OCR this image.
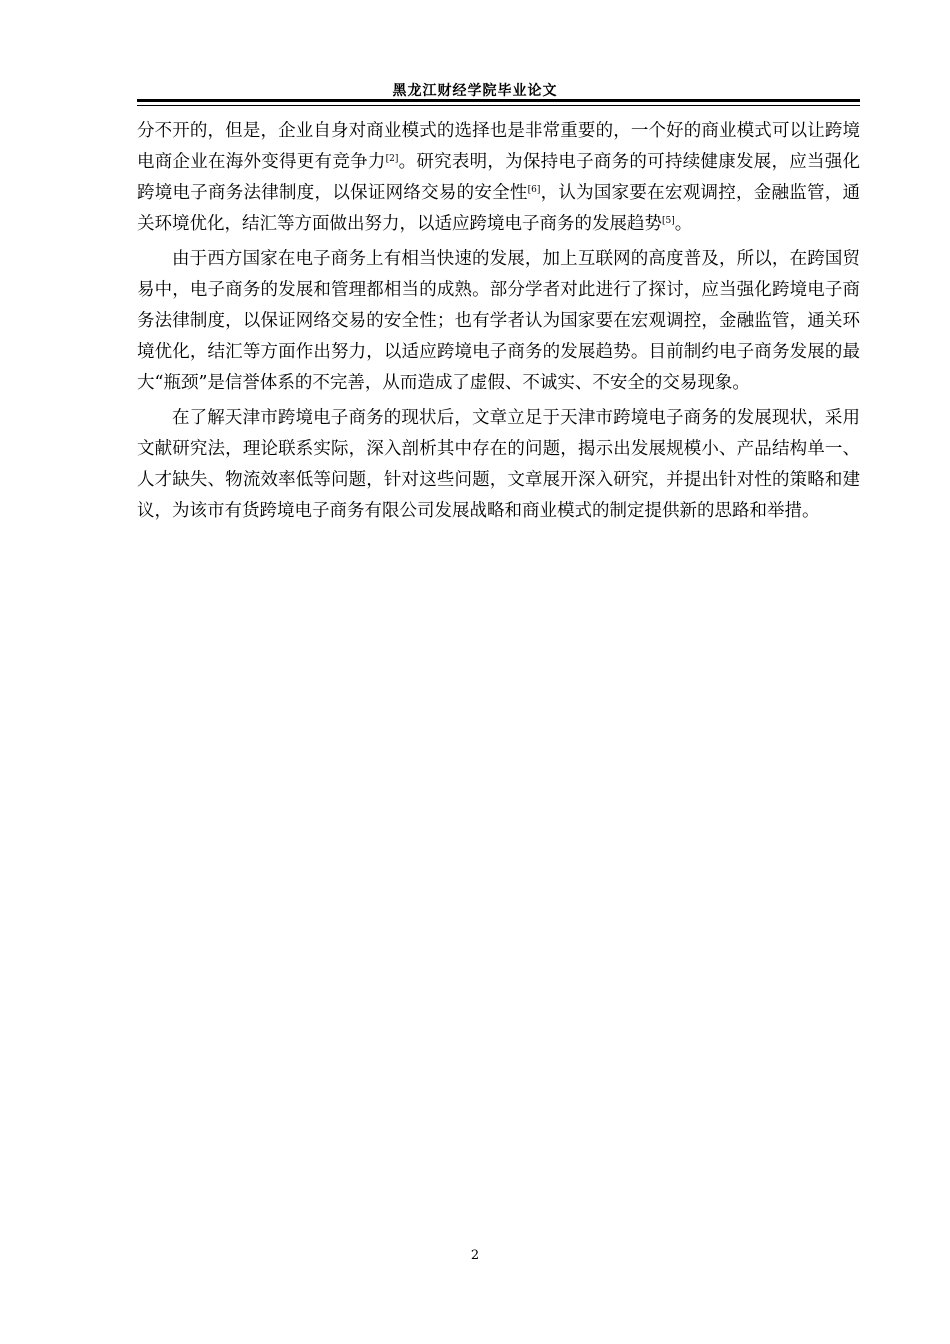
黑龙江财经学院毕业论文

分不开的，但是，企业自身对商业模式的选择也是非常重要的，一个好的商业模式可以让跨境电商企业在海外变得更有竞争力[2]。研究表明，为保持电子商务的可持续健康发展，应当强化跨境电子商务法律制度，以保证网络交易的安全性[6]，认为国家要在宏观调控，金融监管，通关环境优化，结汇等方面做出努力，以适应跨境电子商务的发展趋势[5]。

由于西方国家在电子商务上有相当快速的发展，加上互联网的高度普及，所以，在跨国贸易中，电子商务的发展和管理都相当的成熟。部分学者对此进行了探讨，应当强化跨境电子商务法律制度，以保证网络交易的安全性；也有学者认为国家要在宏观调控，金融监管，通关环境优化，结汇等方面作出努力，以适应跨境电子商务的发展趋势。目前制约电子商务发展的最大“瓶颈”是信誉体系的不完善，从而造成了虚假、不诚实、不安全的交易现象。

在了解天津市跨境电子商务的现状后，文章立足于天津市跨境电子商务的发展现状，采用文献研究法，理论联系实际，深入剖析其中存在的问题，揭示出发展规模小、产品结构单一、人才缺失、物流效率低等问题，针对这些问题，文章展开深入研究，并提出针对性的策略和建议，为该市有货跨境电子商务有限公司发展战略和商业模式的制定提供新的思路和举措。

2
